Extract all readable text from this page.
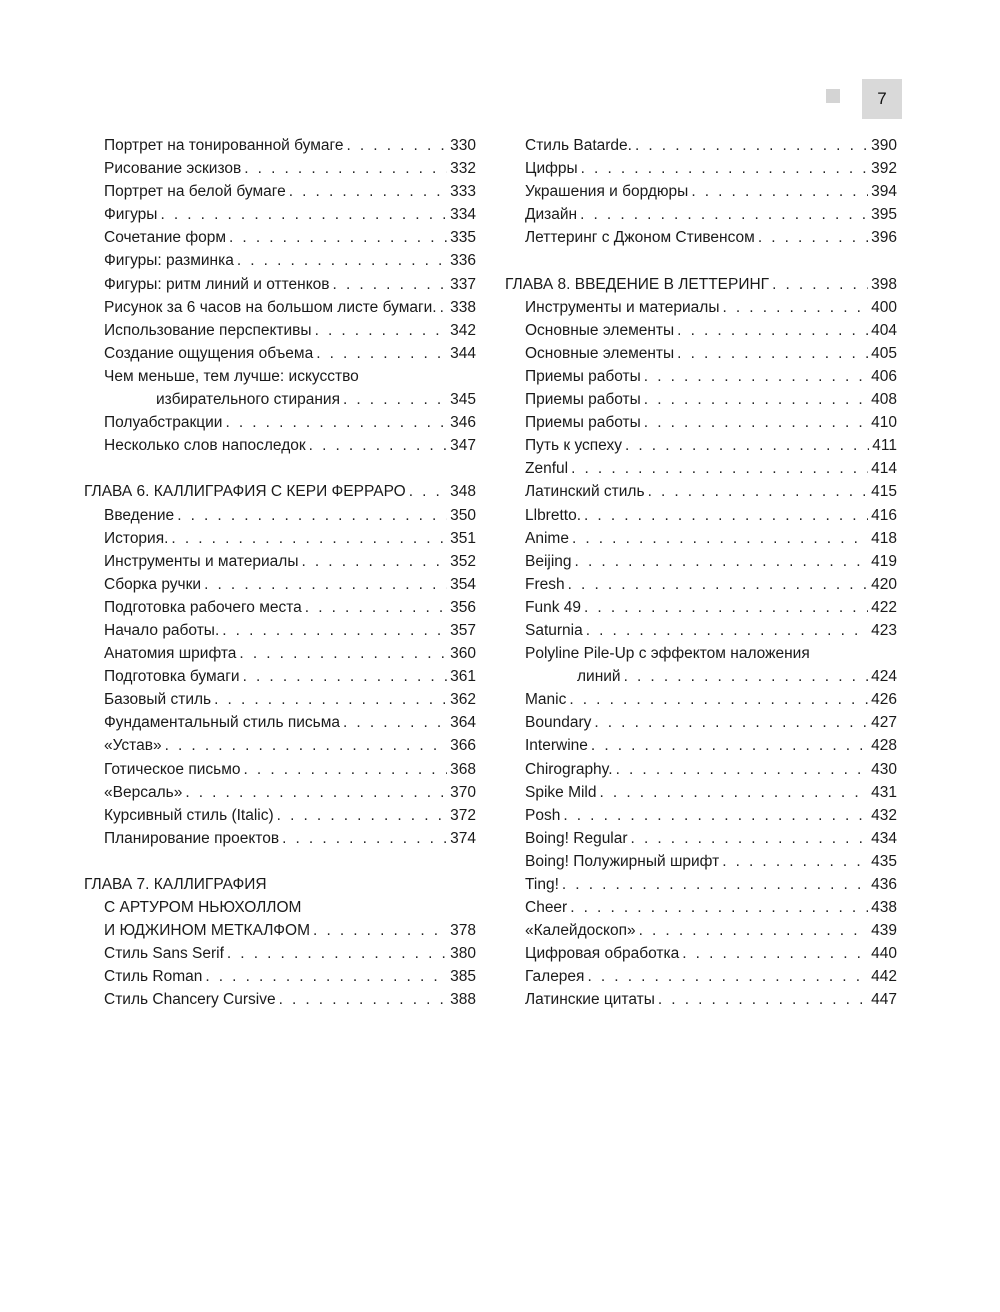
7
Портрет на тонированной бумаге . . .	330
Рисование эскизов . . .	332
Портрет на белой бумаге . . .	333
Фигуры . . .	334
Сочетание форм . . .	335
Фигуры: разминка . . .	336
Фигуры: ритм линий и оттенков . . .	337
Рисунок за 6 часов на большом листе бумаги. . . . 338
Использование перспективы . . .	342
Создание ощущения объема . . .	344
Чем меньше, тем лучше: искусство
избирательного стирания . . .	345
Полуабстракции . . .	346
Несколько слов напоследок . . .	347
ГЛАВА 6. КАЛЛИГРАФИЯ С КЕРИ ФЕРРАРО . . .	348
Введение . . .	350
История. . . .	351
Инструменты и материалы . . .	352
Сборка ручки . . .	354
Подготовка рабочего места . . .	356
Начало работы. . . .	357
Анатомия шрифта . . .	360
Подготовка бумаги . . .	361
Базовый стиль . . .	362
Фундаментальный стиль письма . . .	364
«Устав» . . .	366
Готическое письмо . . .	368
«Версаль» . . .	370
Курсивный стиль (Italic) . . .	372
Планирование проектов . . .	374
ГЛАВА 7. КАЛЛИГРАФИЯ
С АРТУРОМ НЬЮХОЛЛОМ
И ЮДЖИНОМ МЕТКАЛФОМ . . .	378
Стиль Sans Serif . . .	380
Стиль Roman . . .	385
Стиль Chancery Cursive . . .	388
Стиль Batarde. . . .	390
Цифры . . .	392
Украшения и бордюры . . .	394
Дизайн . . .	395
Леттеринг с Джоном Стивенсом . . .	396
ГЛАВА 8. ВВЕДЕНИЕ В ЛЕТТЕРИНГ . . .	398
Инструменты и материалы . . .	400
Основные элементы . . .	404
Основные элементы . . .	405
Приемы работы . . .	406
Приемы работы . . .	408
Приемы работы . . .	410
Путь к успеху . . .	411
Zenful . . .	414
Латинский стиль . . .	415
Llbretto. . . .	416
Anime . . .	418
Beijing . . .	419
Fresh . . .	420
Funk 49 . . .	422
Saturnia . . .	423
Polyline Pile-Up с эффектом наложения
линий . . .	424
Manic . . .	426
Boundary . . .	427
Interwine . . .	428
Chirography. . . .	430
Spike Mild . . .	431
Posh . . .	432
Boing! Regular . . .	434
Boing! Полужирный шрифт . . .	435
Ting! . . .	436
Cheer . . .	438
«Калейдоскоп» . . .	439
Цифровая обработка . . .	440
Галерея . . .	442
Латинские цитаты . . .	447
